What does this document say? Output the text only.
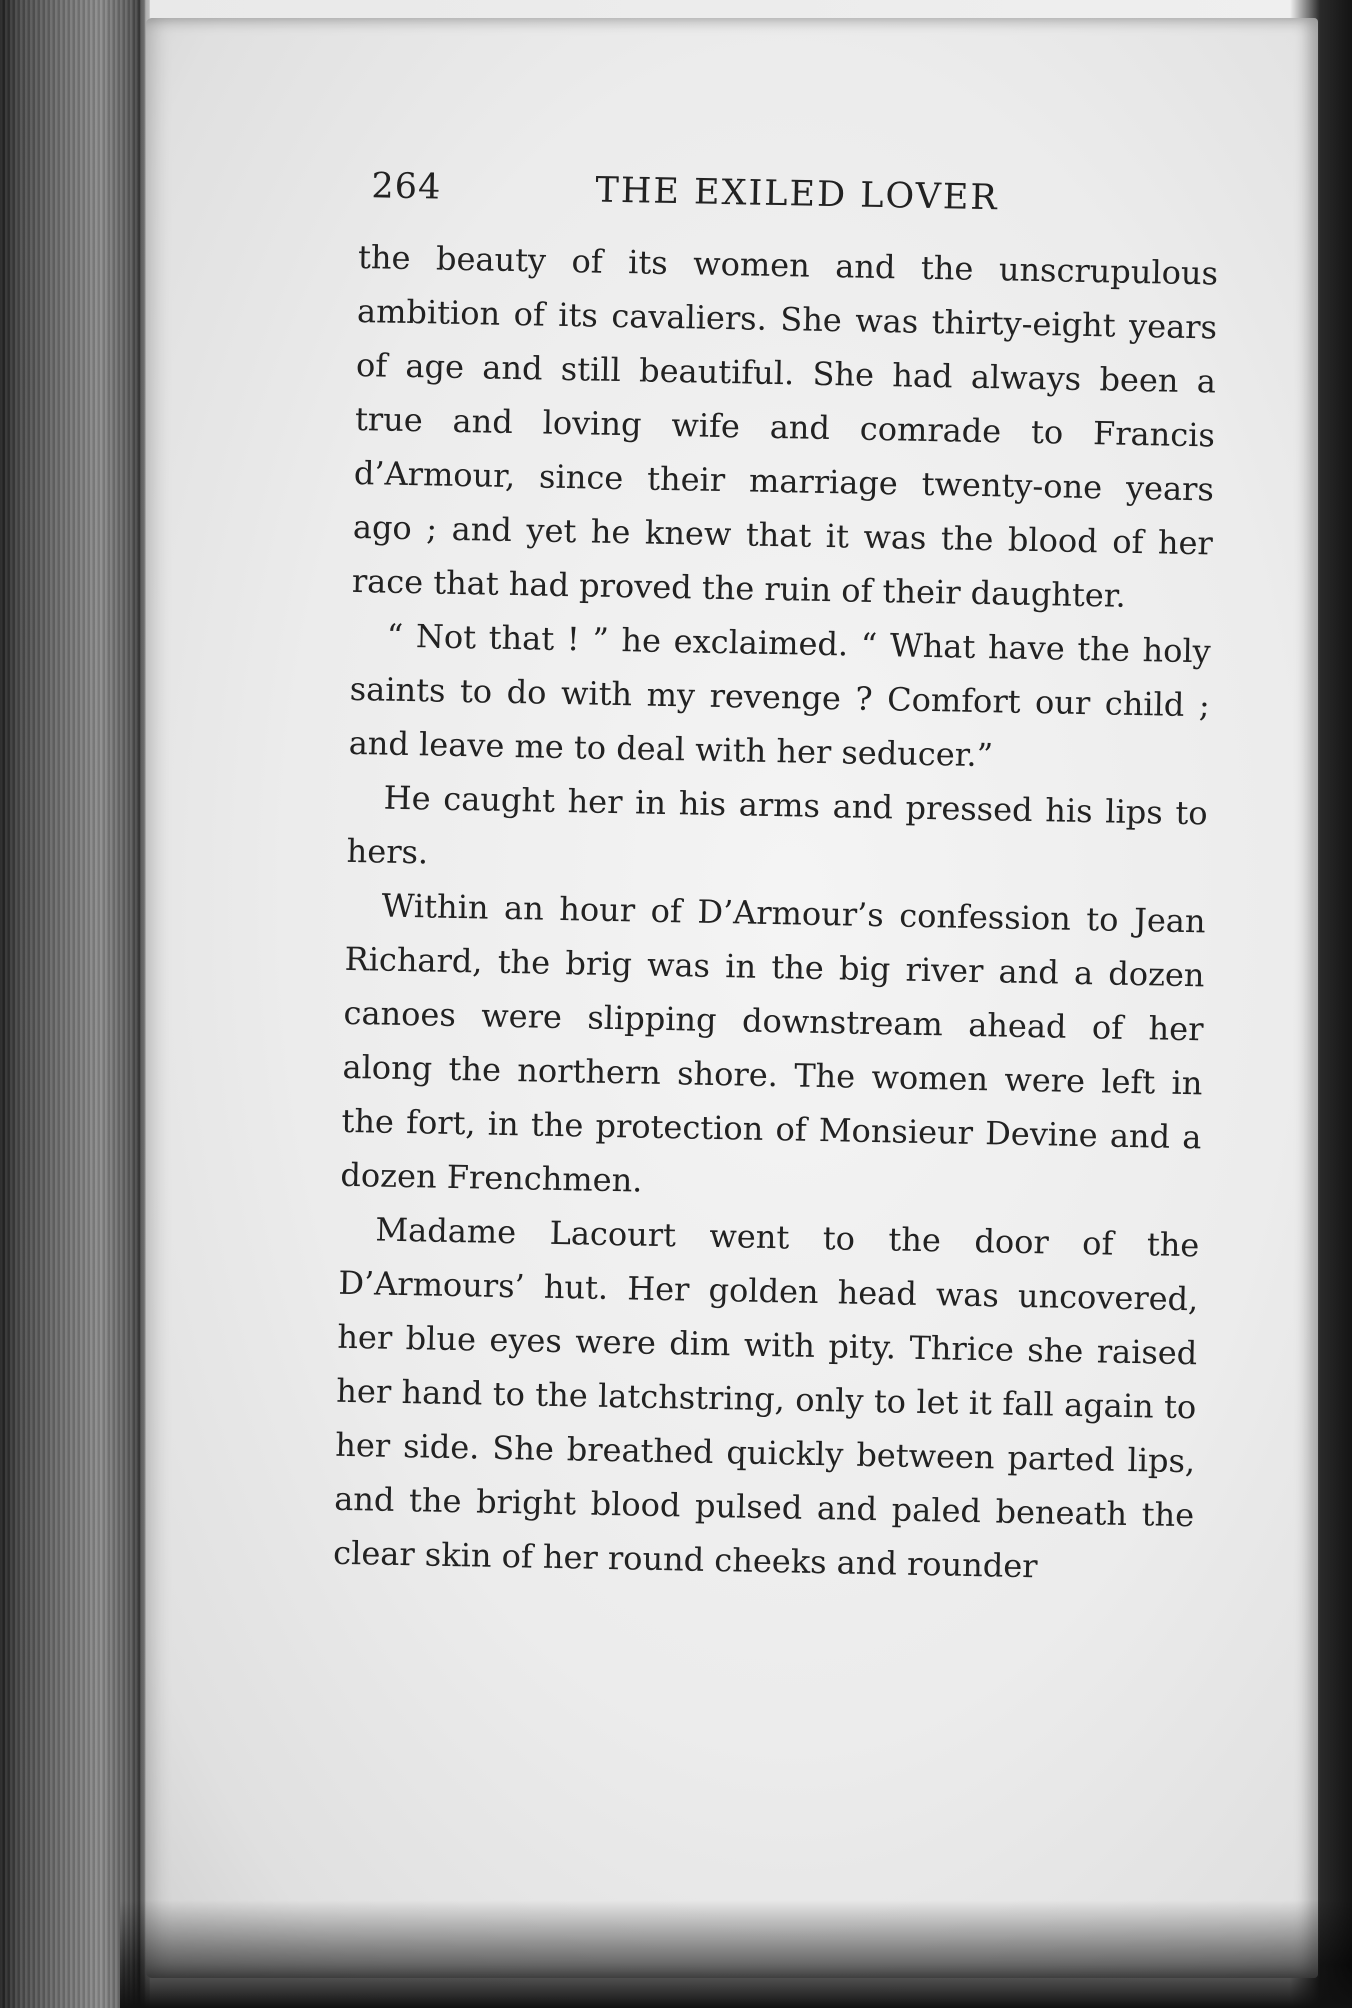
264	THE EXILED LOVER

the beauty of its women and the unscrupulous ambition of its cavaliers. She was thirty-eight years of age and still beautiful. She had always been a true and loving wife and comrade to Francis d’Armour, since their marriage twenty-one years ago ; and yet he knew that it was the blood of her race that had proved the ruin of their daughter.

“ Not that ! ” he exclaimed. “ What have the holy saints to do with my revenge ? Comfort our child ; and leave me to deal with her seducer.”

He caught her in his arms and pressed his lips to hers.

Within an hour of D’Armour’s confession to Jean Richard, the brig was in the big river and a dozen canoes were slipping downstream ahead of her along the northern shore. The women were left in the fort, in the protection of Monsieur Devine and a dozen Frenchmen.

Madame Lacourt went to the door of the D’Armours’ hut. Her golden head was uncovered, her blue eyes were dim with pity. Thrice she raised her hand to the latchstring, only to let it fall again to her side. She breathed quickly between parted lips, and the bright blood pulsed and paled beneath the clear skin of her round cheeks and rounder
